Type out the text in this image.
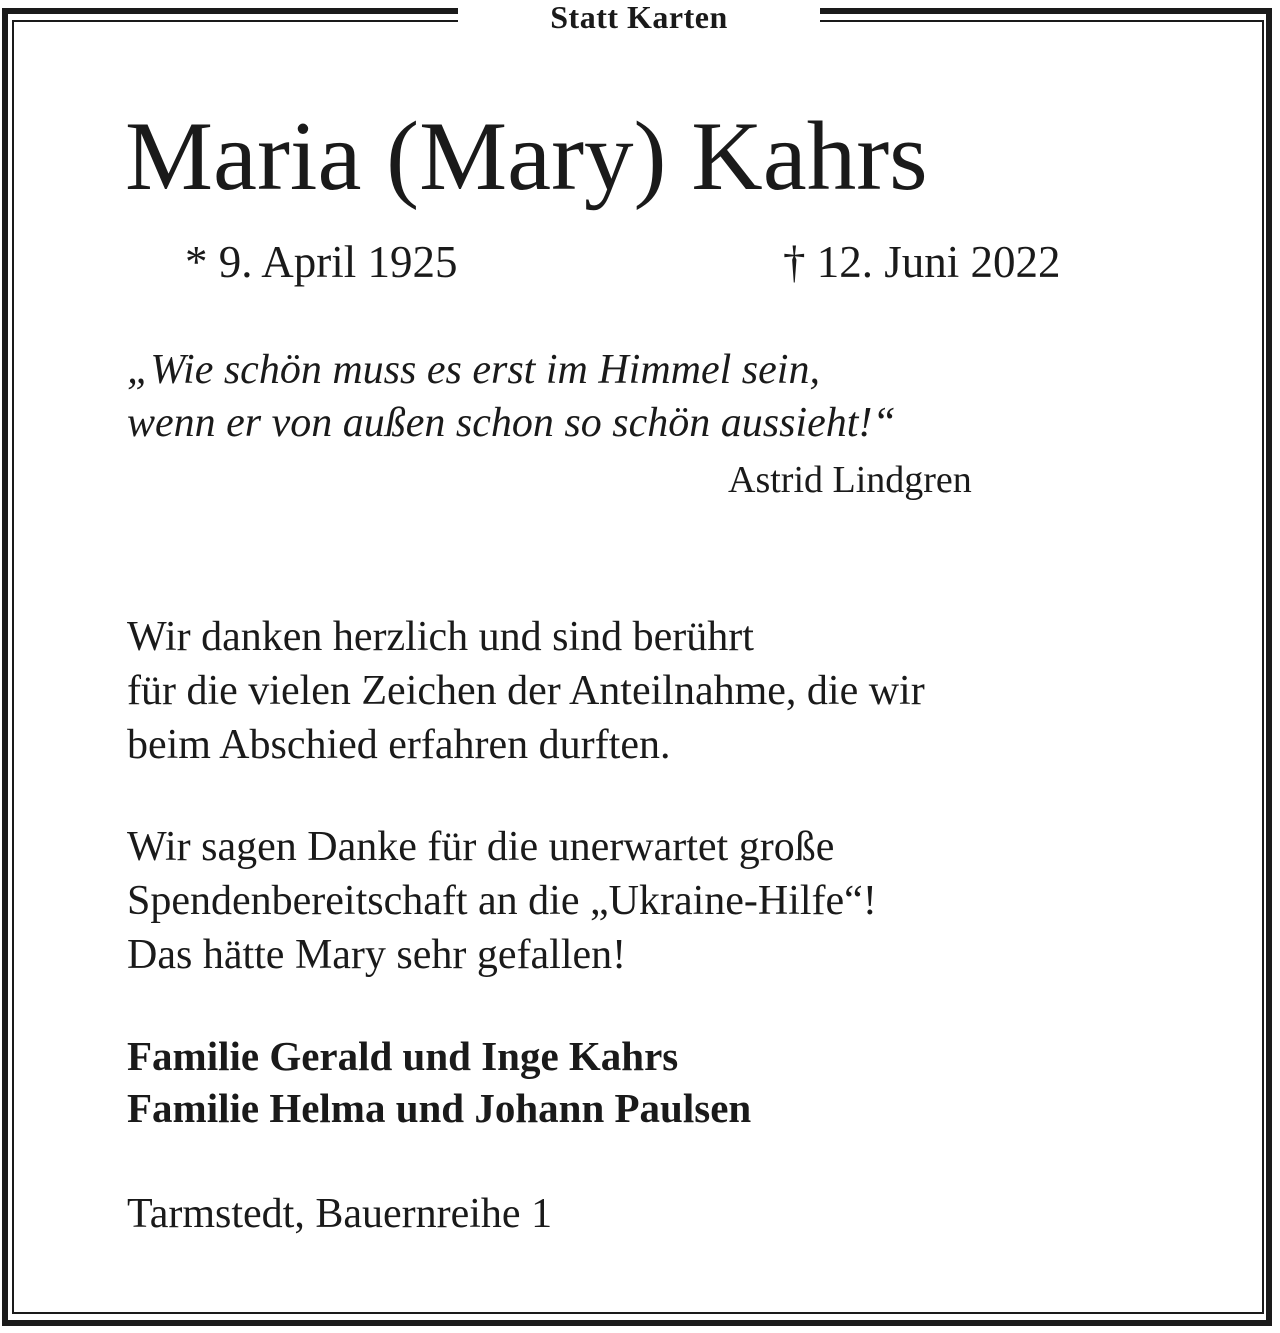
Statt Karten
Maria (Mary) Kahrs
* 9. April 1925	† 12. Juni 2022
„Wie schön muss es erst im Himmel sein,
wenn er von außen schon so schön aussieht!“
Astrid Lindgren
Wir danken herzlich und sind berührt
für die vielen Zeichen der Anteilnahme, die wir
beim Abschied erfahren durften.
Wir sagen Danke für die unerwartet große
Spendenbereitschaft an die „Ukraine-Hilfe“!
Das hätte Mary sehr gefallen!
Familie Gerald und Inge Kahrs
Familie Helma und Johann Paulsen
Tarmstedt, Bauernreihe 1
